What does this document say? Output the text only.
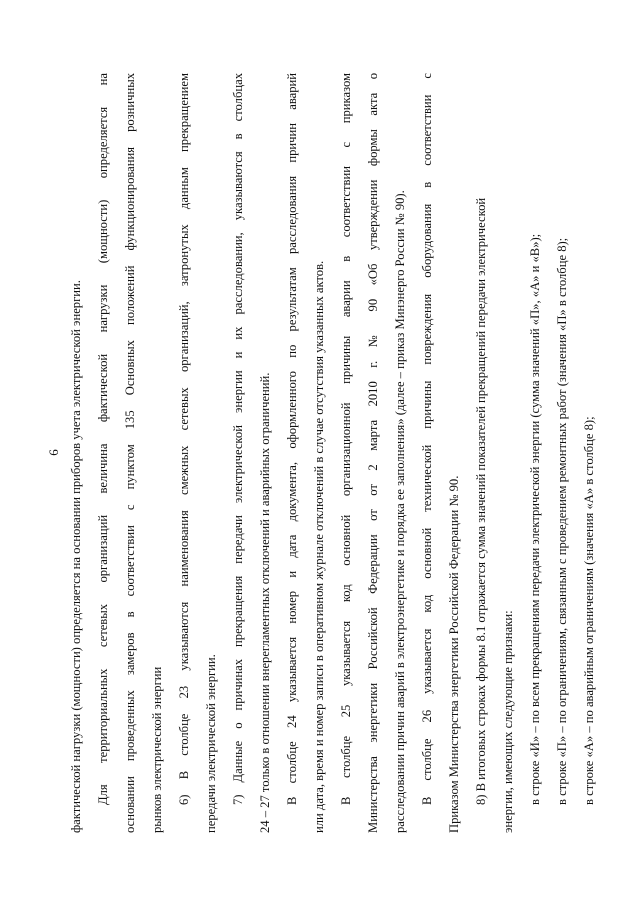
6 фактической нагрузки (мощности) определяется на основании приборов учета электрической энергии. Для территориальных сетевых организаций величина фактической нагрузки (мощности) определяется на основании проведенных замеров в соответствии с пунктом 135 Основных положений функционирования розничных рынков электрической энергии 6) В столбце 23 указываются наименования смежных сетевых организаций, затронутых данным прекращением передачи электрической энергии. 7) Данные о причинах прекращения передачи электрической энергии и их расследовании, указываются в столбцах 24 – 27 только в отношении внерегламентных отключений и аварийных ограничений. В столбце 24 указывается номер и дата документа, оформленного по результатам расследования причин аварий или дата, время и номер записи в оперативном журнале отключений в случае отсутствия указанных актов. В столбце 25 указывается код основной организационной причины аварии в соответствии с приказом Министерства энергетики Российской Федерации от от 2 марта 2010 г. № 90 «Об утверждении формы акта о расследовании причин аварий в электроэнергетике и порядка ее заполнения» (далее – приказ Минэнерго России № 90). В столбце 26 указывается код основной технической причины повреждения оборудования в соответствии с Приказом Министерства энергетики Российской Федерации № 90. 8) В итоговых строках формы 8.1 отражается сумма значений показателей прекращений передачи электрической энергии, имеющих следующие признаки: в строке «И» – по всем прекращениям передачи электрической энергии (сумма значений «П», «А» и «В»); в строке «П» – по ограничениям, связанным с проведением ремонтных работ (значения «П» в столбце 8); в строке «А» – по аварийным ограничениям (значения «А» в столбце 8);
